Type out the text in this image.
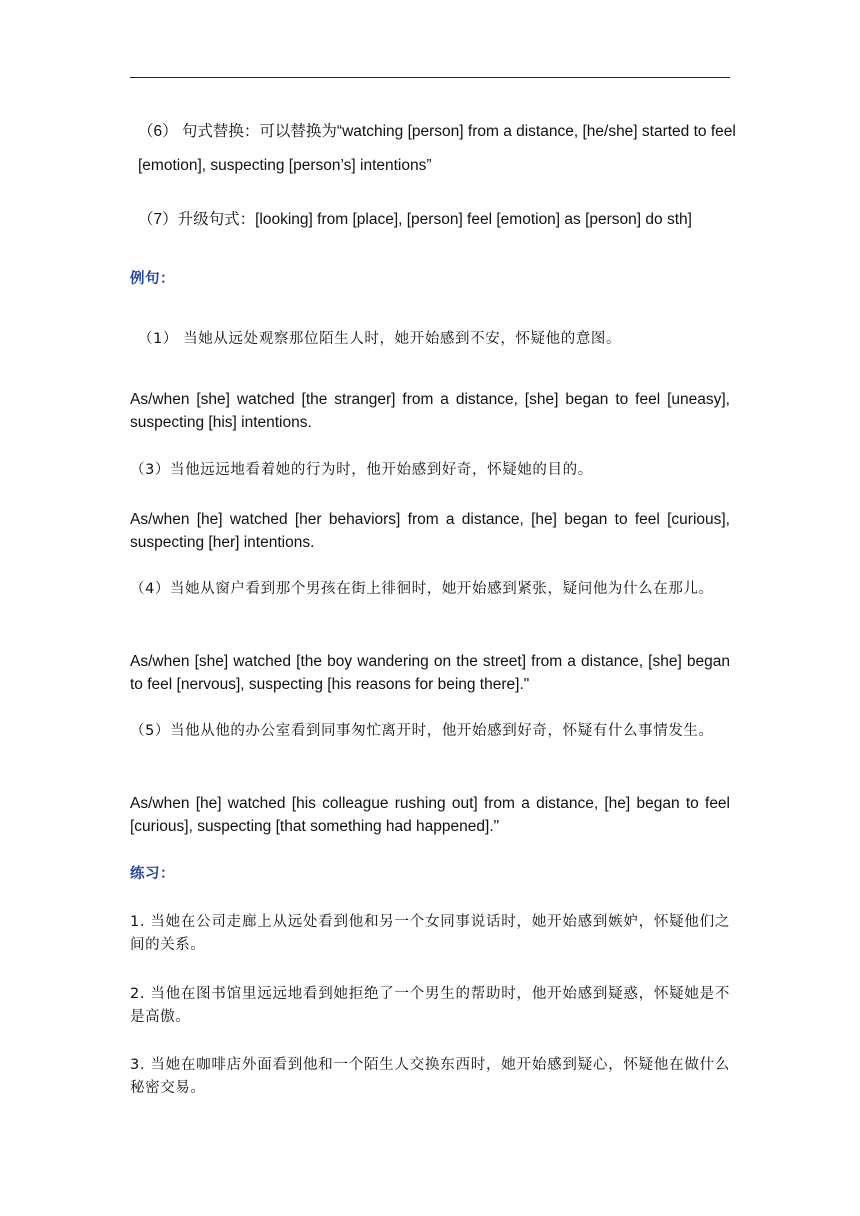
（6） 句式替换：可以替换为“watching [person] from a distance, [he/she] started to feel [emotion], suspecting [person’s] intentions”

（7）升级句式：[looking] from [place], [person] feel [emotion] as [person] do sth]

例句：

（1） 当她从远处观察那位陌生人时，她开始感到不安，怀疑他的意图。

As/when [she] watched [the stranger] from a distance, [she] began to feel [uneasy], suspecting [his] intentions.

（3）当他远远地看着她的行为时，他开始感到好奇，怀疑她的目的。

As/when [he] watched [her behaviors] from a distance, [he] began to feel [curious], suspecting [her] intentions.

（4）当她从窗户看到那个男孩在街上徘徊时，她开始感到紧张，疑问他为什么在那儿。

As/when [she] watched [the boy wandering on the street] from a distance, [she] began to feel [nervous], suspecting [his reasons for being there]."

（5）当他从他的办公室看到同事匆忙离开时，他开始感到好奇，怀疑有什么事情发生。

As/when [he] watched [his colleague rushing out] from a distance, [he] began to feel [curious], suspecting [that something had happened]."

练习：

1. 当她在公司走廊上从远处看到他和另一个女同事说话时，她开始感到嫉妒，怀疑他们之间的关系。

2. 当他在图书馆里远远地看到她拒绝了一个男生的帮助时，他开始感到疑惑，怀疑她是不是高傲。

3. 当她在咖啡店外面看到他和一个陌生人交换东西时，她开始感到疑心，怀疑他在做什么秘密交易。
